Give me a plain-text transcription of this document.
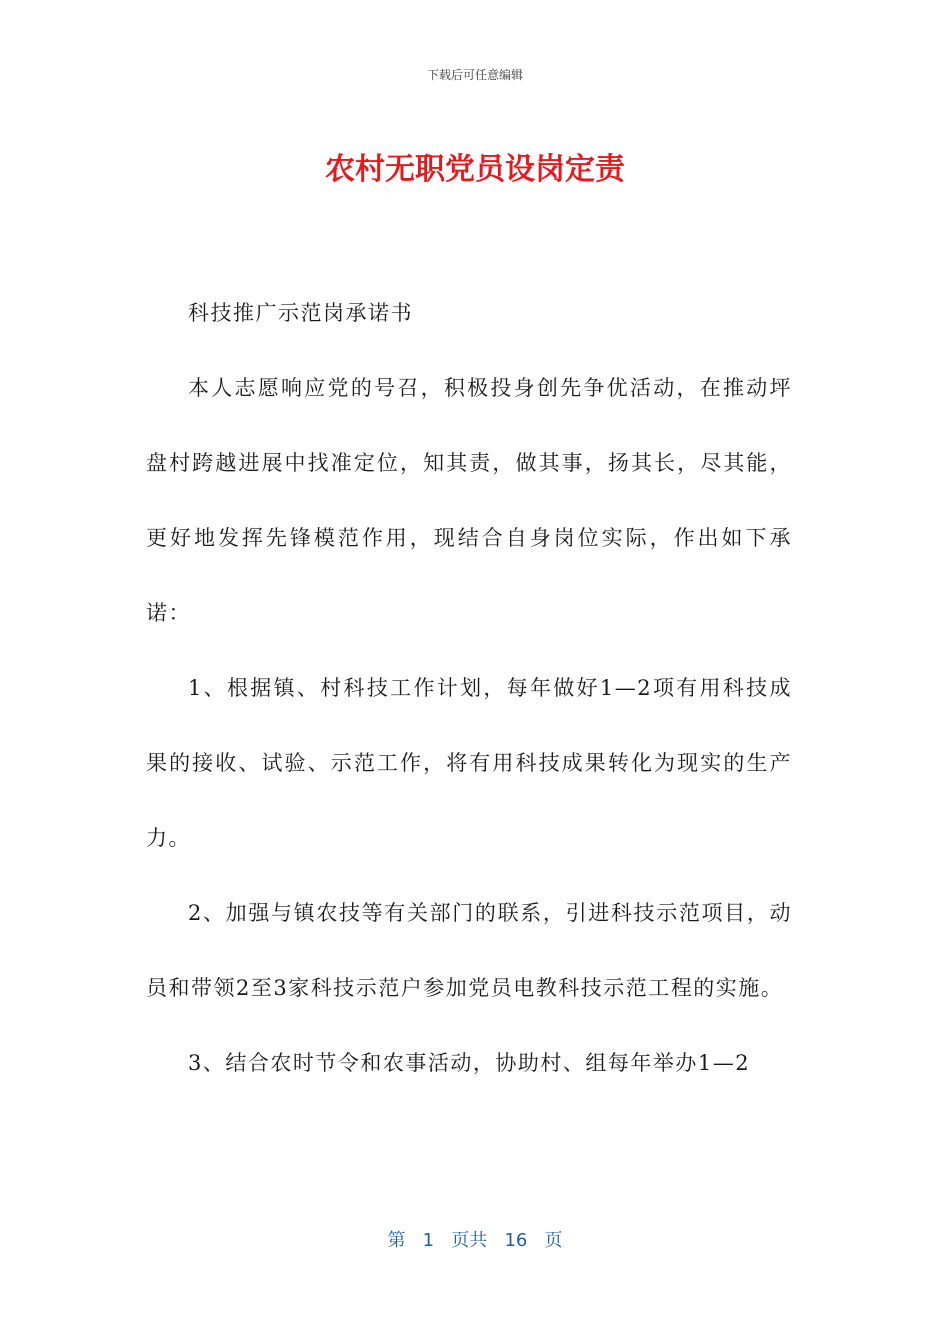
下载后可任意编辑
农村无职党员设岗定责

科技推广示范岗承诺书

本人志愿响应党的号召，积极投身创先争优活动，在推动坪盘村跨越进展中找准定位，知其责，做其事，扬其长，尽其能，更好地发挥先锋模范作用，现结合自身岗位实际，作出如下承诺：

1、根据镇、村科技工作计划，每年做好1—2项有用科技成果的接收、试验、示范工作，将有用科技成果转化为现实的生产力。

2、加强与镇农技等有关部门的联系，引进科技示范项目，动员和带领2至3家科技示范户参加党员电教科技示范工程的实施。

3、结合农时节令和农事活动，协助村、组每年举办1—2

第 1 页共 16 页
